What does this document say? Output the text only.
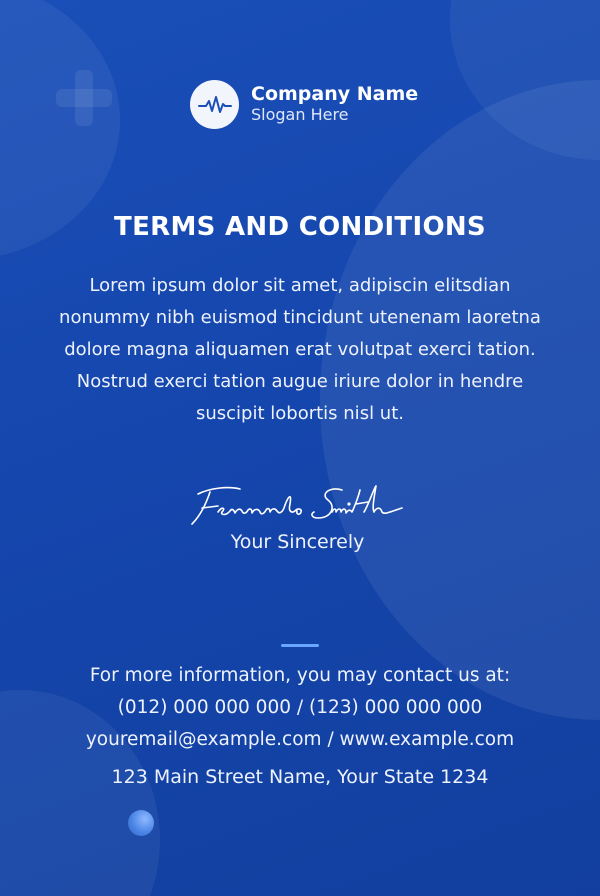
Company Name
Slogan Here
TERMS AND CONDITIONS
Lorem ipsum dolor sit amet, adipiscin elitsdian nonummy nibh euismod tincidunt utenenam laoretna dolore magna aliquamen erat volutpat exerci tation. Nostrud exerci tation augue iriure dolor in hendre suscipit lobortis nisl ut.
Your Sincerely
For more information, you may contact us at:
(012) 000 000 000 / (123) 000 000 000
youremail@example.com / www.example.com
123 Main Street Name, Your State 1234
